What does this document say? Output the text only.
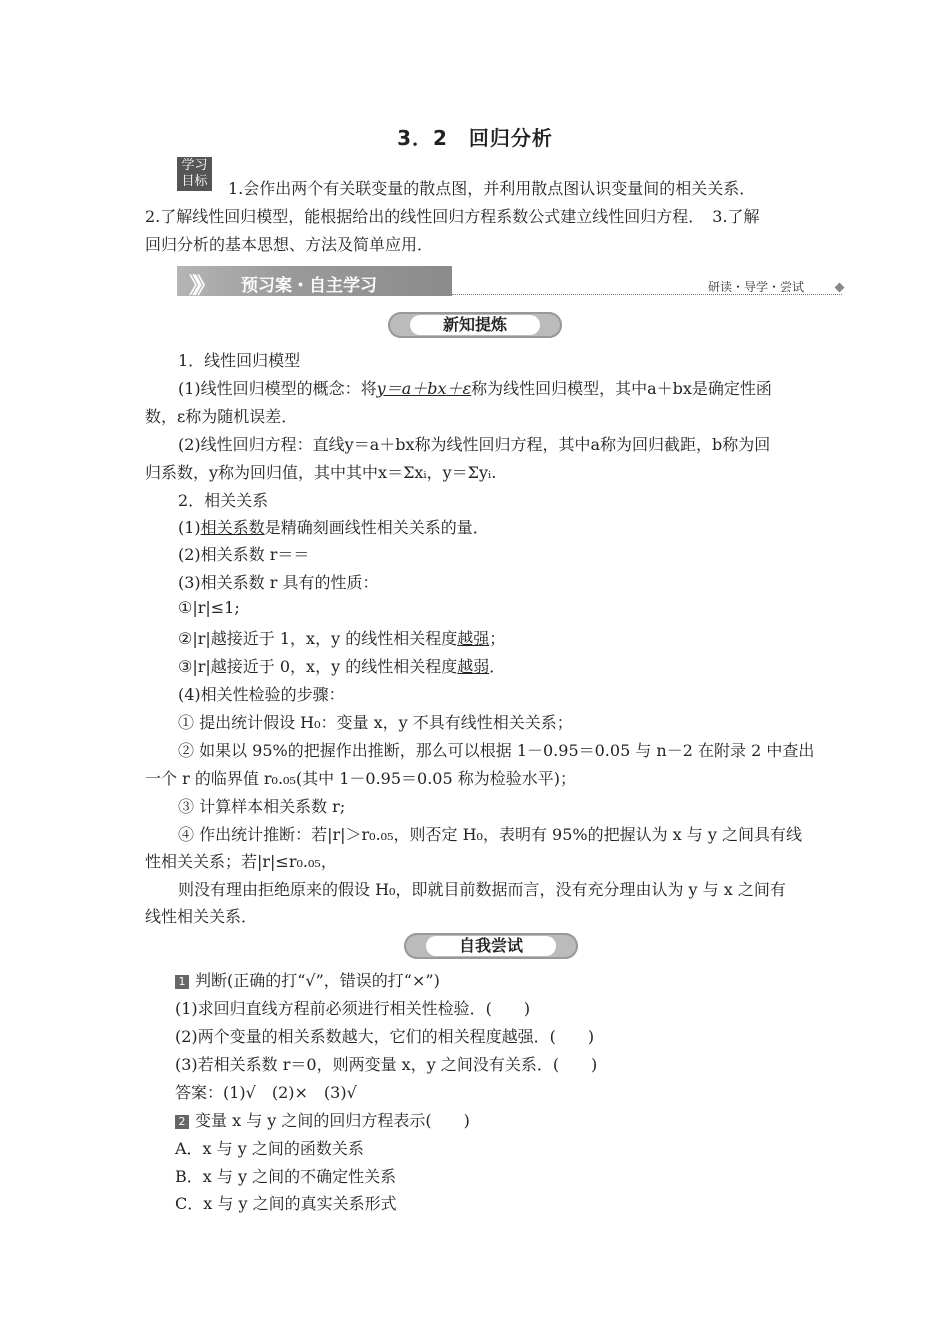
3．2　回归分析
学习
目标 1.会作出两个有关联变量的散点图，并利用散点图认识变量间的相关关系．
2.了解线性回归模型，能根据给出的线性回归方程系数公式建立线性回归方程．　3.了解
回归分析的基本思想、方法及简单应用．
》》 预习案・自主学习	研读・导学・尝试
新知提炼
1．线性回归模型
(1)线性回归模型的概念：将y＝a＋bx＋ε称为线性回归模型，其中a＋bx是确定性函
数，ε称为随机误差．
(2)线性回归方程：直线y＝a＋bx称为线性回归方程，其中a称为回归截距，b称为回
归系数，y称为回归值，其中其中x＝Σxᵢ，y＝Σyᵢ.
2．相关关系
(1)相关系数是精确刻画线性相关关系的量．
(2)相关系数 r＝＝
(3)相关系数 r 具有的性质：
①|r|≤1;
②|r|越接近于 1，x，y 的线性相关程度越强；
③|r|越接近于 0，x，y 的线性相关程度越弱．
(4)相关性检验的步骤：
① 提出统计假设 H₀：变量 x，y 不具有线性相关关系；
② 如果以 95%的把握作出推断，那么可以根据 1－0.95＝0.05 与 n－2 在附录 2 中查出
一个 r 的临界值 r₀.₀₅(其中 1－0.95＝0.05 称为检验水平)；
③ 计算样本相关系数 r;
④ 作出统计推断：若|r|＞r₀.₀₅，则否定 H₀，表明有 95%的把握认为 x 与 y 之间具有线
性相关关系；若|r|≤r₀.₀₅，
则没有理由拒绝原来的假设 H₀，即就目前数据而言，没有充分理由认为 y 与 x 之间有
线性相关关系．
自我尝试
1 判断(正确的打“√”，错误的打“×”)
(1)求回归直线方程前必须进行相关性检验．(　　)
(2)两个变量的相关系数越大，它们的相关程度越强．(　　)
(3)若相关系数 r＝0，则两变量 x，y 之间没有关系．(　　)
答案：(1)√　(2)×　(3)√
2 变量 x 与 y 之间的回归方程表示(　　)
A．x 与 y 之间的函数关系
B．x 与 y 之间的不确定性关系
C．x 与 y 之间的真实关系形式
